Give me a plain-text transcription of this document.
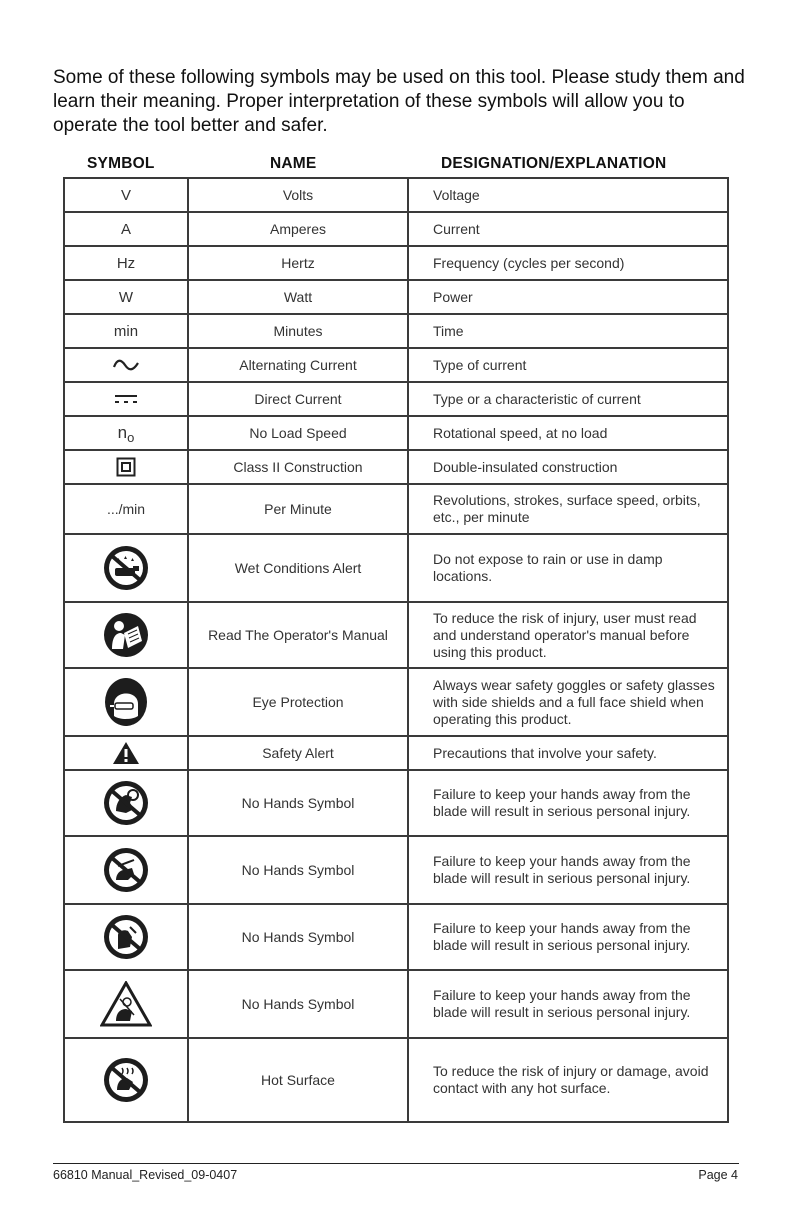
Some of these following symbols may be used on this tool. Please study them and learn their meaning. Proper interpretation of these symbols will allow you to operate the tool better and safer.
SYMBOL	NAME	DESIGNATION/EXPLANATION
V	Volts	Voltage
A	Amperes	Current
Hz	Hertz	Frequency (cycles per second)
W	Watt	Power
min	Minutes	Time

	Alternating Current	Type of current

	Direct Current	Type or a characteristic of current
no	No Load Speed	Rotational speed, at no load

	Class II Construction	Double-insulated construction
.../min	Per Minute	Revolutions, strokes, surface speed, orbits, etc., per minute

	Wet Conditions Alert	Do not expose to rain or use in damp locations.

	Read The Operator's Manual	To reduce the risk of injury, user must read and understand operator's manual before using this product.

	Eye Protection	Always wear safety goggles or safety glasses with side shields and a full face shield when operating this product.

	Safety Alert	Precautions that involve your safety.

	No Hands Symbol	Failure to keep your hands away from the blade will result in serious personal injury.

	No Hands Symbol	Failure to keep your hands away from the blade will result in serious personal injury.

	No Hands Symbol	Failure to keep your hands away from the blade will result in serious personal injury.

	No Hands Symbol	Failure to keep your hands away from the blade will result in serious personal injury.

	Hot Surface	To reduce the risk of injury or damage, avoid contact with any hot surface.
66810 Manual_Revised_09-0407	Page 4
